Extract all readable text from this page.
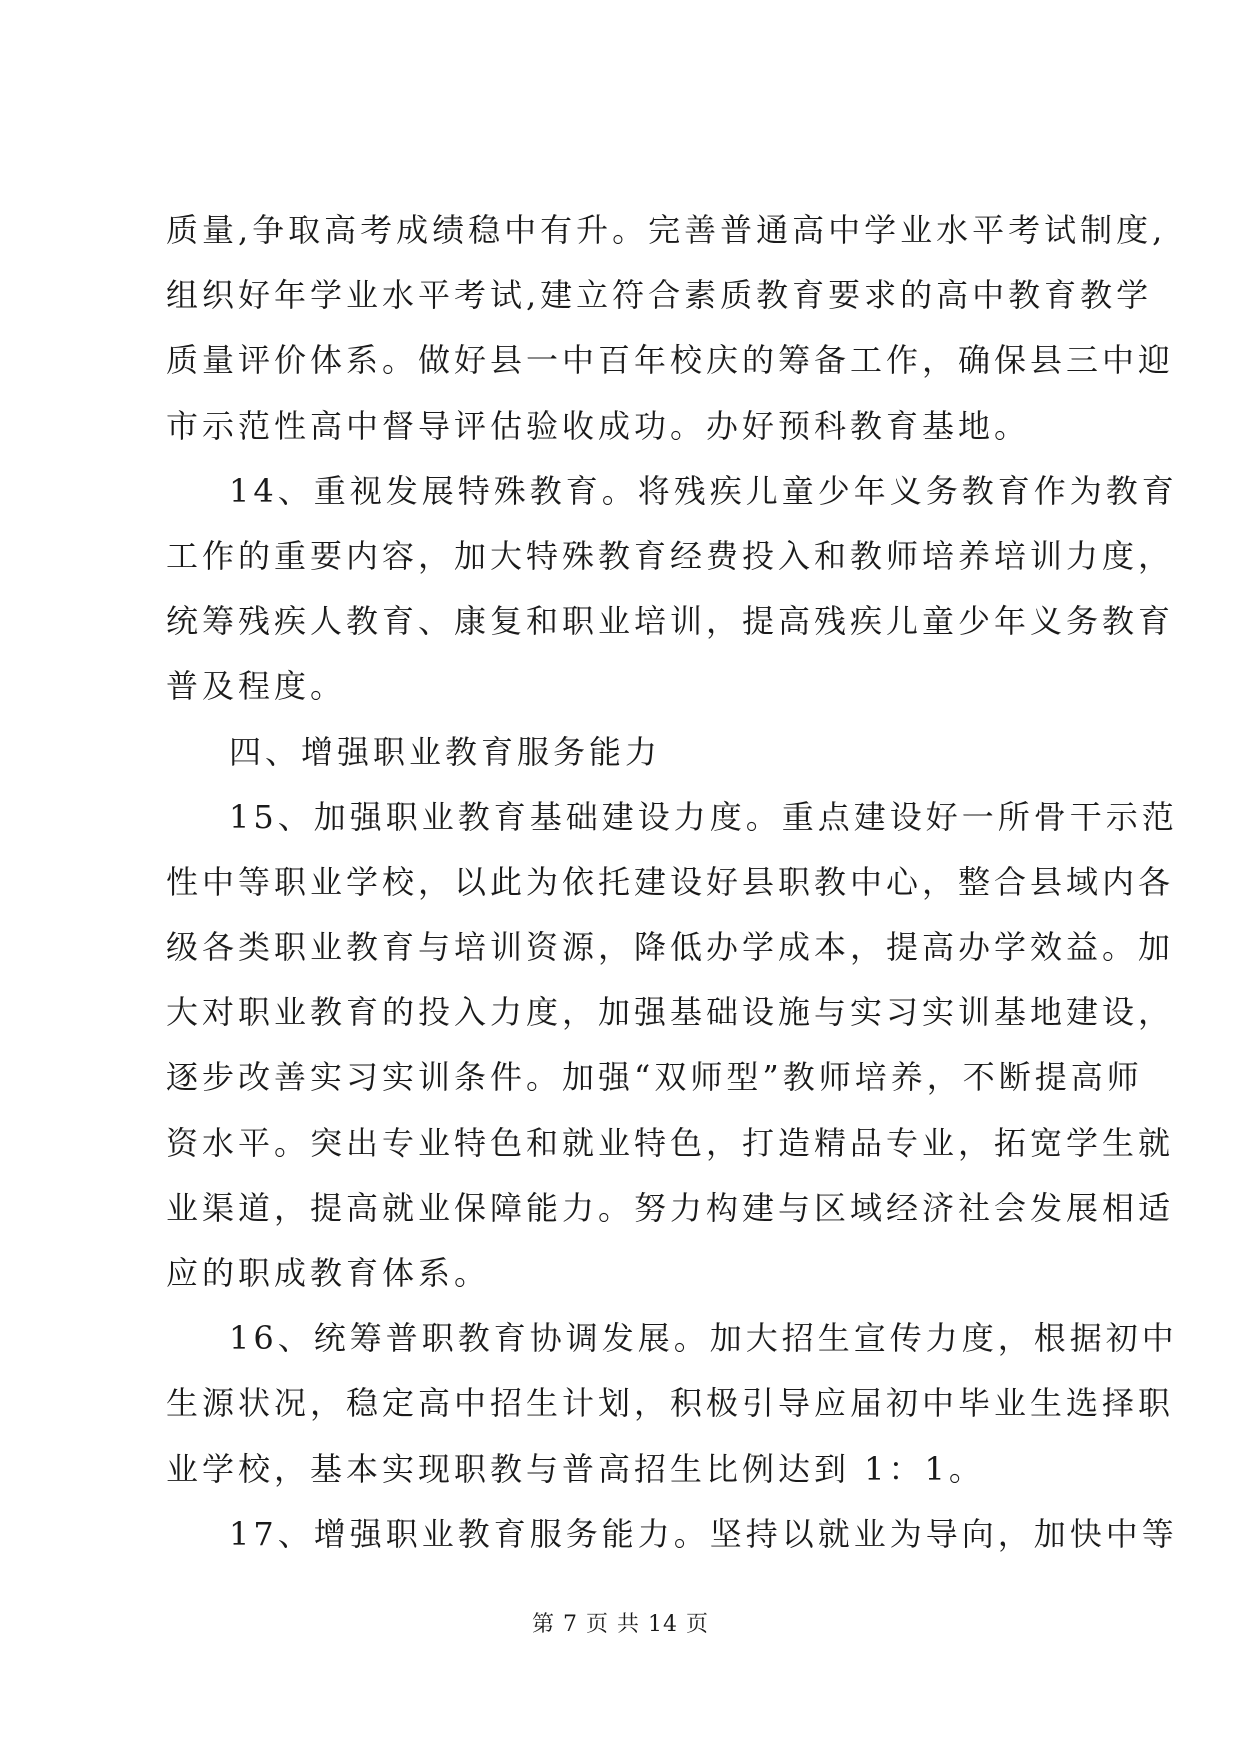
质量,争取高考成绩稳中有升。完善普通高中学业水平考试制度,
组织好年学业水平考试,建立符合素质教育要求的高中教育教学
质量评价体系。做好县一中百年校庆的筹备工作，确保县三中迎
市示范性高中督导评估验收成功。办好预科教育基地。
14、重视发展特殊教育。将残疾儿童少年义务教育作为教育
工作的重要内容，加大特殊教育经费投入和教师培养培训力度，
统筹残疾人教育、康复和职业培训，提高残疾儿童少年义务教育
普及程度。
四、增强职业教育服务能力
15、加强职业教育基础建设力度。重点建设好一所骨干示范
性中等职业学校，以此为依托建设好县职教中心，整合县域内各
级各类职业教育与培训资源，降低办学成本，提高办学效益。加
大对职业教育的投入力度，加强基础设施与实习实训基地建设，
逐步改善实习实训条件。加强“双师型”教师培养，不断提高师
资水平。突出专业特色和就业特色，打造精品专业，拓宽学生就
业渠道，提高就业保障能力。努力构建与区域经济社会发展相适
应的职成教育体系。
16、统筹普职教育协调发展。加大招生宣传力度，根据初中
生源状况，稳定高中招生计划，积极引导应届初中毕业生选择职
业学校，基本实现职教与普高招生比例达到 1：1。
17、增强职业教育服务能力。坚持以就业为导向，加快中等
第 7 页 共 14 页
